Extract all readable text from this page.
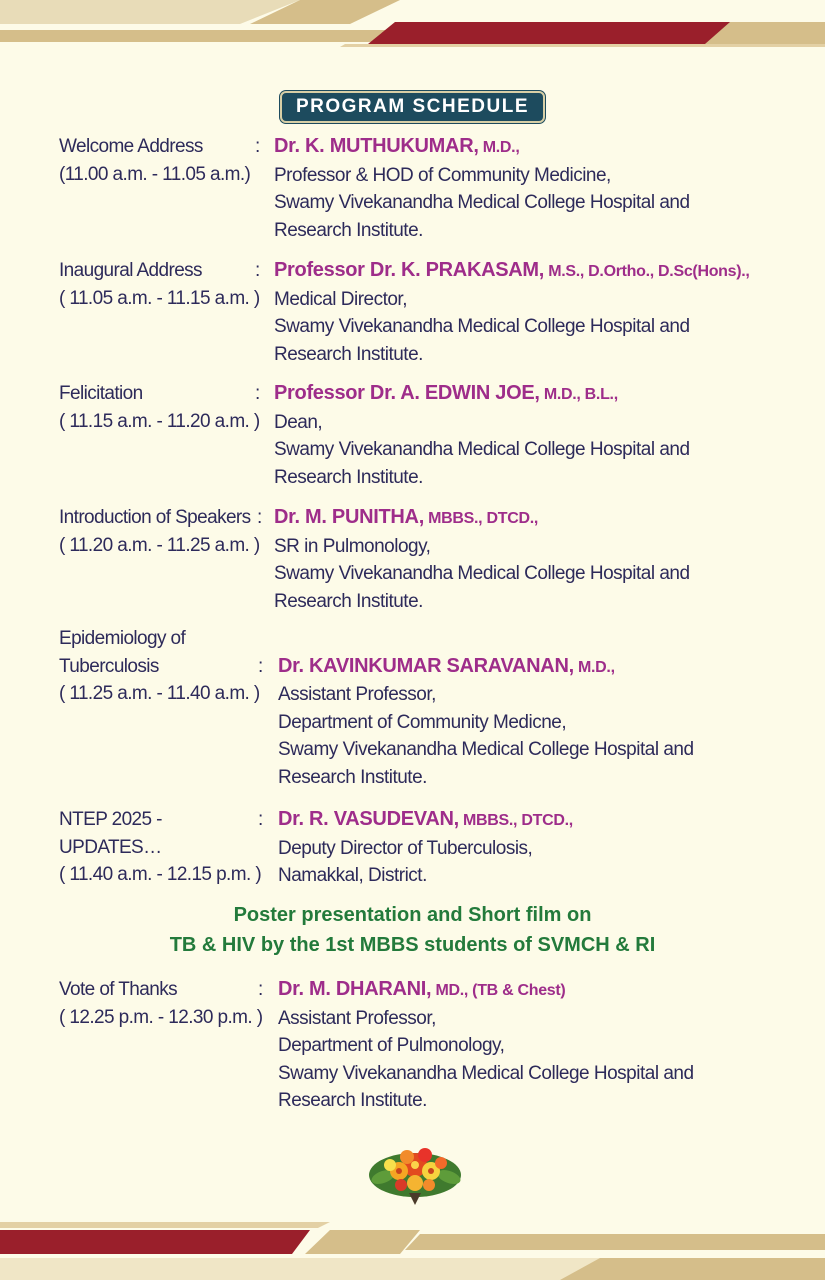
PROGRAM SCHEDULE
Welcome Address
(11.00 a.m. - 11.05 a.m.)
: Dr. K. MUTHUKUMAR, M.D.,
Professor & HOD of Community Medicine,
Swamy Vivekanandha Medical College Hospital and
Research Institute.
Inaugural Address
( 11.05 a.m. - 11.15 a.m. )
: Professor Dr. K. PRAKASAM, M.S., D.Ortho., D.Sc(Hons).,
Medical Director,
Swamy Vivekanandha Medical College Hospital and
Research Institute.
Felicitation
( 11.15 a.m. - 11.20 a.m. )
: Professor Dr. A. EDWIN JOE, M.D., B.L.,
Dean,
Swamy Vivekanandha Medical College Hospital and
Research Institute.
Introduction of Speakers
( 11.20 a.m. - 11.25 a.m. )
: Dr. M. PUNITHA, MBBS., DTCD.,
SR in Pulmonology,
Swamy Vivekanandha Medical College Hospital and
Research Institute.
Epidemiology of
Tuberculosis
( 11.25 a.m. - 11.40 a.m. )
: Dr. KAVINKUMAR SARAVANAN, M.D.,
Assistant Professor,
Department of Community Medicne,
Swamy Vivekanandha Medical College Hospital and
Research Institute.
NTEP 2025 -
UPDATES…
( 11.40 a.m. - 12.15 p.m. )
: Dr. R. VASUDEVAN, MBBS., DTCD.,
Deputy Director of Tuberculosis,
Namakkal, District.
Poster presentation and Short film on
TB & HIV by the 1st MBBS students of SVMCH & RI
Vote of Thanks
( 12.25 p.m. - 12.30 p.m. )
: Dr. M. DHARANI, MD., (TB & Chest)
Assistant Professor,
Department of Pulmonology,
Swamy Vivekanandha Medical College Hospital and
Research Institute.
